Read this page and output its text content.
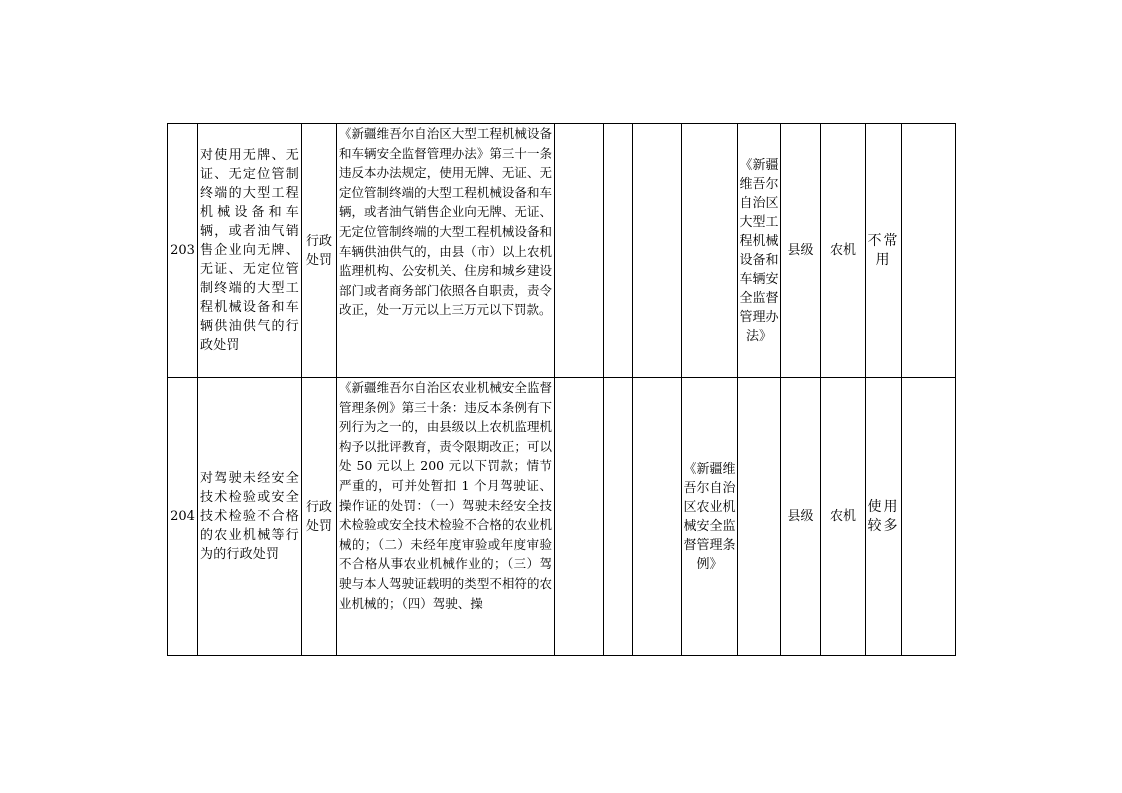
203	对使用无牌、无证、无定位管制终端的大型工程机械设备和车辆，或者油气销售企业向无牌、无证、无定位管制终端的大型工程机械设备和车辆供油供气的行政处罚	行政处罚	《新疆维吾尔自治区大型工程机械设备和车辆安全监督管理办法》第三十一条　违反本办法规定，使用无牌、无证、无定位管制终端的大型工程机械设备和车辆，或者油气销售企业向无牌、无证、无定位管制终端的大型工程机械设备和车辆供油供气的，由县（市）以上农机监理机构、公安机关、住房和城乡建设部门或者商务部门依照各自职责，责令改正，处一万元以上三万元以下罚款。					《新疆维吾尔自治区大型工程机械设备和车辆安全监督管理办法》	县级	农机	不常用	
204	对驾驶未经安全技术检验或安全技术检验不合格的农业机械等行为的行政处罚	行政处罚	《新疆维吾尔自治区农业机械安全监督管理条例》第三十条：违反本条例有下列行为之一的，由县级以上农机监理机构予以批评教育，责令限期改正；可以处 50 元以上 200 元以下罚款；情节严重的，可并处暂扣 1 个月驾驶证、操作证的处罚：（一）驾驶未经安全技术检验或安全技术检验不合格的农业机械的；（二）未经年度审验或年度审验不合格从事农业机械作业的；（三）驾驶与本人驾驶证载明的类型不相符的农业机械的；（四）驾驶、操				《新疆维吾尔自治区农业机械安全监督管理条例》		县级	农机	使用较多	
